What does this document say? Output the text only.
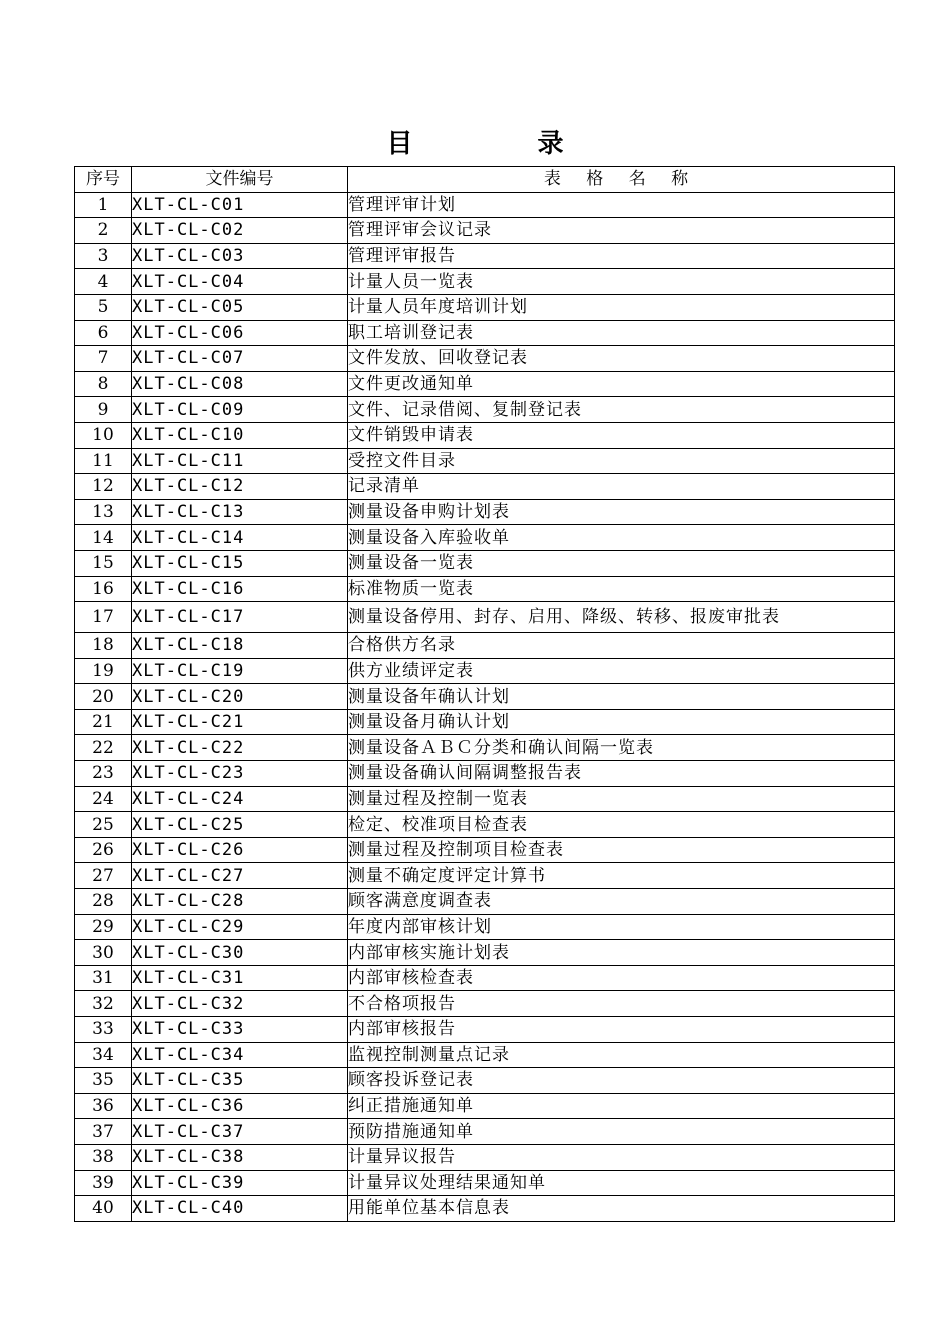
目 录
序号	文件编号	表 格 名 称
1	XLT-CL-C01	管理评审计划
2	XLT-CL-C02	管理评审会议记录
3	XLT-CL-C03	管理评审报告
4	XLT-CL-C04	计量人员一览表
5	XLT-CL-C05	计量人员年度培训计划
6	XLT-CL-C06	职工培训登记表
7	XLT-CL-C07	文件发放、回收登记表
8	XLT-CL-C08	文件更改通知单
9	XLT-CL-C09	文件、记录借阅、复制登记表
10	XLT-CL-C10	文件销毁申请表
11	XLT-CL-C11	受控文件目录
12	XLT-CL-C12	记录清单
13	XLT-CL-C13	测量设备申购计划表
14	XLT-CL-C14	测量设备入库验收单
15	XLT-CL-C15	测量设备一览表
16	XLT-CL-C16	标准物质一览表
17	XLT-CL-C17	测量设备停用、封存、启用、降级、转移、报废审批表
18	XLT-CL-C18	合格供方名录
19	XLT-CL-C19	供方业绩评定表
20	XLT-CL-C20	测量设备年确认计划
21	XLT-CL-C21	测量设备月确认计划
22	XLT-CL-C22	测量设备ＡＢＣ分类和确认间隔一览表
23	XLT-CL-C23	测量设备确认间隔调整报告表
24	XLT-CL-C24	测量过程及控制一览表
25	XLT-CL-C25	检定、校准项目检查表
26	XLT-CL-C26	测量过程及控制项目检查表
27	XLT-CL-C27	测量不确定度评定计算书
28	XLT-CL-C28	顾客满意度调查表
29	XLT-CL-C29	年度内部审核计划
30	XLT-CL-C30	内部审核实施计划表
31	XLT-CL-C31	内部审核检查表
32	XLT-CL-C32	不合格项报告
33	XLT-CL-C33	内部审核报告
34	XLT-CL-C34	监视控制测量点记录
35	XLT-CL-C35	顾客投诉登记表
36	XLT-CL-C36	纠正措施通知单
37	XLT-CL-C37	预防措施通知单
38	XLT-CL-C38	计量异议报告
39	XLT-CL-C39	计量异议处理结果通知单
40	XLT-CL-C40	用能单位基本信息表
